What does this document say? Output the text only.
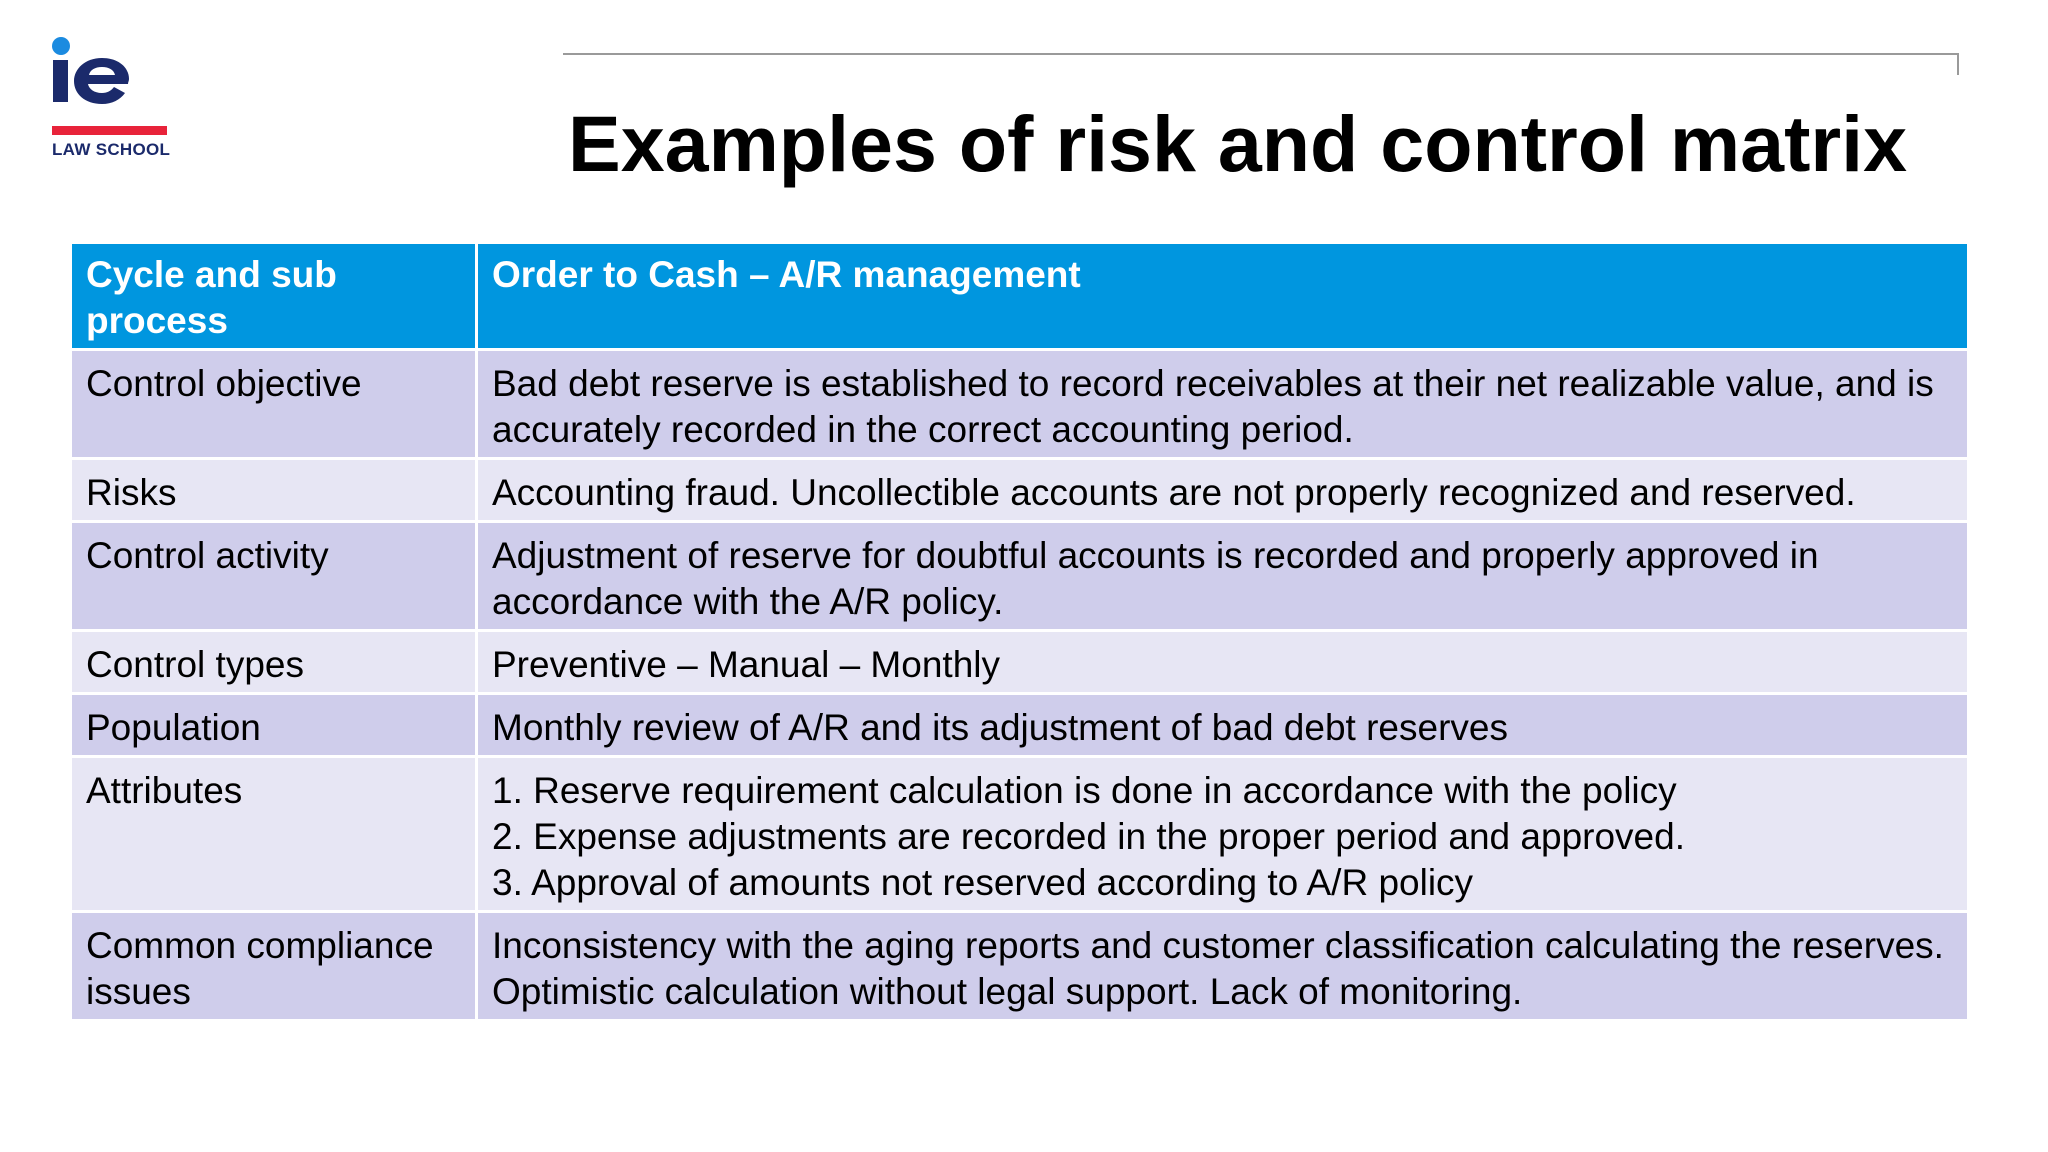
LAW SCHOOL	Examples of risk and control matrix
Cycle and sub process	Order to Cash – A/R management
Control objective	Bad debt reserve is established to record receivables at their net realizable value, and is accurately recorded in the correct accounting period.
Risks	Accounting fraud. Uncollectible accounts are not properly recognized and reserved.
Control activity	Adjustment of reserve for doubtful accounts is recorded and properly approved in accordance with the A/R policy.
Control types	Preventive – Manual – Monthly
Population	Monthly review of A/R and its adjustment of bad debt reserves
Attributes	1. Reserve requirement calculation is done in accordance with the policy
2. Expense adjustments are recorded in the proper period and approved.
3. Approval of amounts not reserved according to A/R policy

Common compliance issues	Inconsistency with the aging reports and customer classification calculating the reserves. Optimistic calculation without legal support. Lack of monitoring.
